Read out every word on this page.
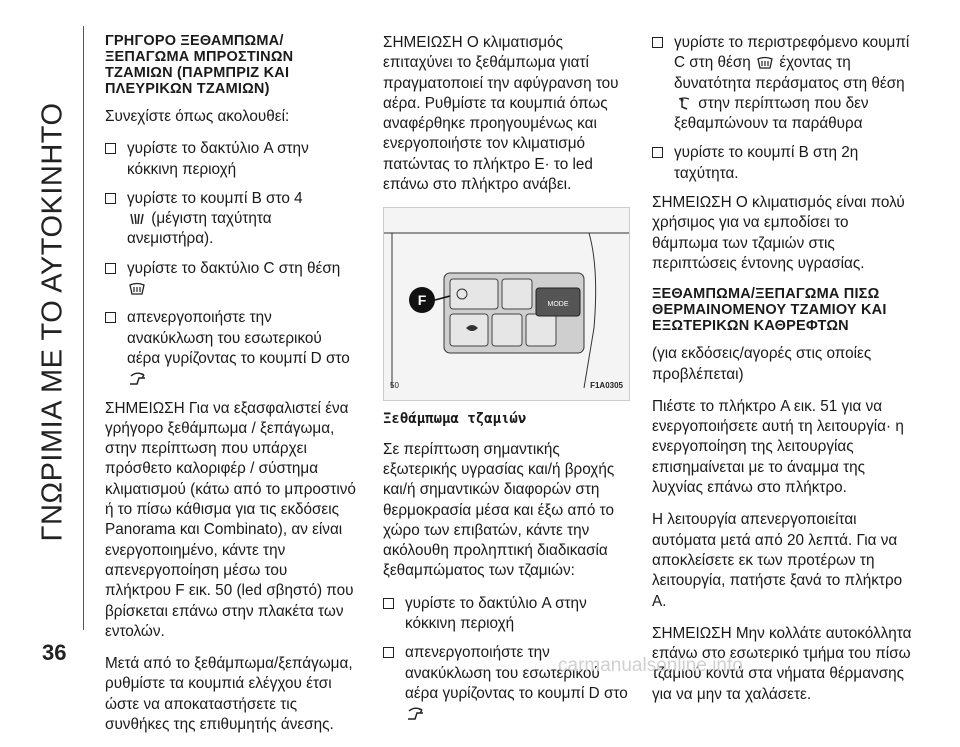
ΓΝΩΡΙΜΙΑ ΜΕ ΤΟ ΑΥΤΟΚΙΝΗΤΟ
36
ΓΡΗΓΟΡΟ ΞΕΘΑΜΠΩΜΑ/ ΞΕΠΑΓΩΜΑ ΜΠΡΟΣΤΙΝΩΝ ΤΖΑΜΙΩΝ (ΠΑΡΜΠΡΙΖ ΚΑΙ ΠΛΕΥΡΙΚΩΝ ΤΖΑΜΙΩΝ)

Συνεχίστε όπως ακολουθεί:

γυρίστε το δακτύλιο A στην κόκκινη περιοχή
γυρίστε το κουμπί B στο 4
(μέγιστη ταχύτητα ανεμιστήρα).
γυρίστε το δακτύλιο C στη θέση
απενεργοποιήστε την ανακύκλωση του εσωτερικού αέρα γυρίζοντας το κουμπί D στο

ΣΗΜΕΙΩΣΗ Για να εξασφαλιστεί ένα γρήγορο ξεθάμπωμα / ξεπάγωμα, στην περίπτωση που υπάρχει πρόσθετο καλοριφέρ / σύστημα κλιματισμού (κάτω από το μπροστινό ή το πίσω κάθισμα για τις εκδόσεις Panorama και Combinato), αν είναι ενεργοποιημένο, κάντε την απενεργοποίηση μέσω του πλήκτρου F εικ. 50 (led σβηστό) που βρίσκεται επάνω στην πλακέτα των εντολών.

Μετά από το ξεθάμπωμα/ξεπάγωμα, ρυθμίστε τα κουμπιά ελέγχου έτσι ώστε να αποκαταστήσετε τις συνθήκες της επιθυμητής άνεσης.

ΣΗΜΕΙΩΣΗ Ο κλιματισμός επιταχύνει το ξεθάμπωμα γιατί πραγματοποιεί την αφύγρανση του αέρα. Ρυθμίστε τα κουμπιά όπως αναφέρθηκε προηγουμένως και ενεργοποιήστε τον κλιματισμό πατώντας το πλήκτρο E· το led επάνω στο πλήκτρο ανάβει.

MODE
F
50	F1A0305
Ξεθάμπωμα τζαμιών

Σε περίπτωση σημαντικής εξωτερικής υγρασίας και/ή βροχής και/ή σημαντικών διαφορών στη θερμοκρασία μέσα και έξω από το χώρο των επιβατών, κάντε την ακόλουθη προληπτική διαδικασία ξεθαμπώματος των τζαμιών:

γυρίστε το δακτύλιο A στην κόκκινη περιοχή
απενεργοποιήστε την ανακύκλωση του εσωτερικού αέρα γυρίζοντας το κουμπί D στο
γυρίστε το περιστρεφόμενο κουμπί C στη θέση έχοντας τη δυνατότητα περάσματος στη θέση  στην περίπτωση που δεν ξεθαμπώνουν τα παράθυρα
γυρίστε το κουμπί B στη 2η ταχύτητα.

ΣΗΜΕΙΩΣΗ Ο κλιματισμός είναι πολύ χρήσιμος για να εμποδίσει το θάμπωμα των τζαμιών στις περιπτώσεις έντονης υγρασίας.

ΞΕΘΑΜΠΩΜΑ/ΞΕΠΑΓΩΜΑ ΠΙΣΩ ΘΕΡΜΑΙΝΟΜΕΝΟΥ ΤΖΑΜΙΟΥ ΚΑΙ ΕΞΩΤΕΡΙΚΩΝ ΚΑΘΡΕΦΤΩΝ

(για εκδόσεις/αγορές στις οποίες προβλέπεται)

Πιέστε το πλήκτρο A εικ. 51 για να ενεργοποιήσετε αυτή τη λειτουργία· η ενεργοποίηση της λειτουργίας επισημαίνεται με το άναμμα της λυχνίας επάνω στο πλήκτρο.

Η λειτουργία απενεργοποιείται αυτόματα μετά από 20 λεπτά. Για να αποκλείσετε εκ των προτέρων τη λειτουργία, πατήστε ξανά το πλήκτρο A.

ΣΗΜΕΙΩΣΗ Μην κολλάτε αυτοκόλλητα επάνω στο εσωτερικό τμήμα του πίσω τζαμιού κοντά στα νήματα θέρμανσης για να μην τα χαλάσετε.

carmanualsonline.info
